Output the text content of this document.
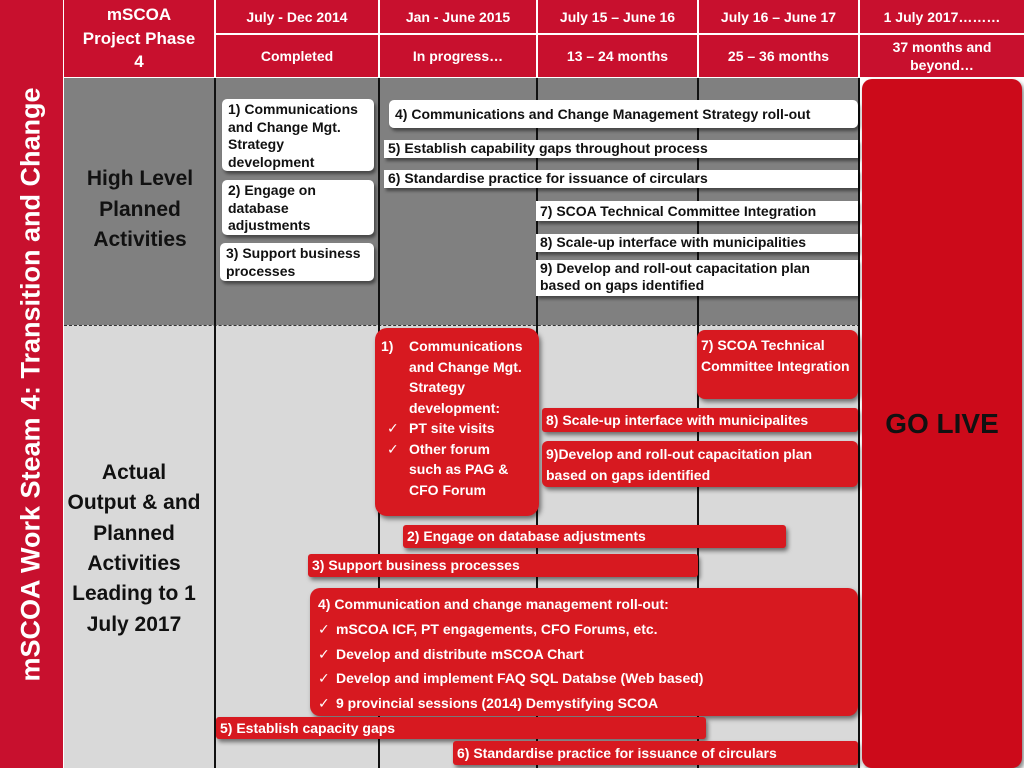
mSCOA Work Steam 4: Transition and Change
mSCOA Project Phase 4
July - Dec 2014	Jan - June 2015	July 15 – June 16	July 16 – June 17	1 July 2017………
Completed	In progress…	13 – 24 months	25 – 36 months
37 months and beyond…
High Level Planned Activities
Actual Output & and Planned Activities Leading to 1 July 2017
1) Communications and Change Mgt. Strategy development
2) Engage on database adjustments
3) Support business processes
4) Communications and Change Management Strategy roll-out
5) Establish capability gaps throughout process
6) Standardise practice for issuance of circulars
7) SCOA Technical Committee Integration
8) Scale-up interface with municipalities
9) Develop and roll-out capacitation plan based on gaps identified
1)	Communications and Change Mgt. Strategy development:
✓ PT site visits
✓ Other forum such as PAG & CFO Forum
7) SCOA Technical Committee Integration
8) Scale-up interface with municipalites
9)Develop and roll-out capacitation plan based on gaps identified
2) Engage on database adjustments
3) Support business processes
4) Communication and change management roll-out:
✓ mSCOA ICF, PT engagements, CFO Forums, etc.
✓ Develop and distribute mSCOA Chart
✓ Develop and implement FAQ SQL Databse (Web based)
✓ 9 provincial sessions (2014) Demystifying SCOA
5) Establish capacity gaps
6) Standardise practice for issuance of circulars
GO LIVE
